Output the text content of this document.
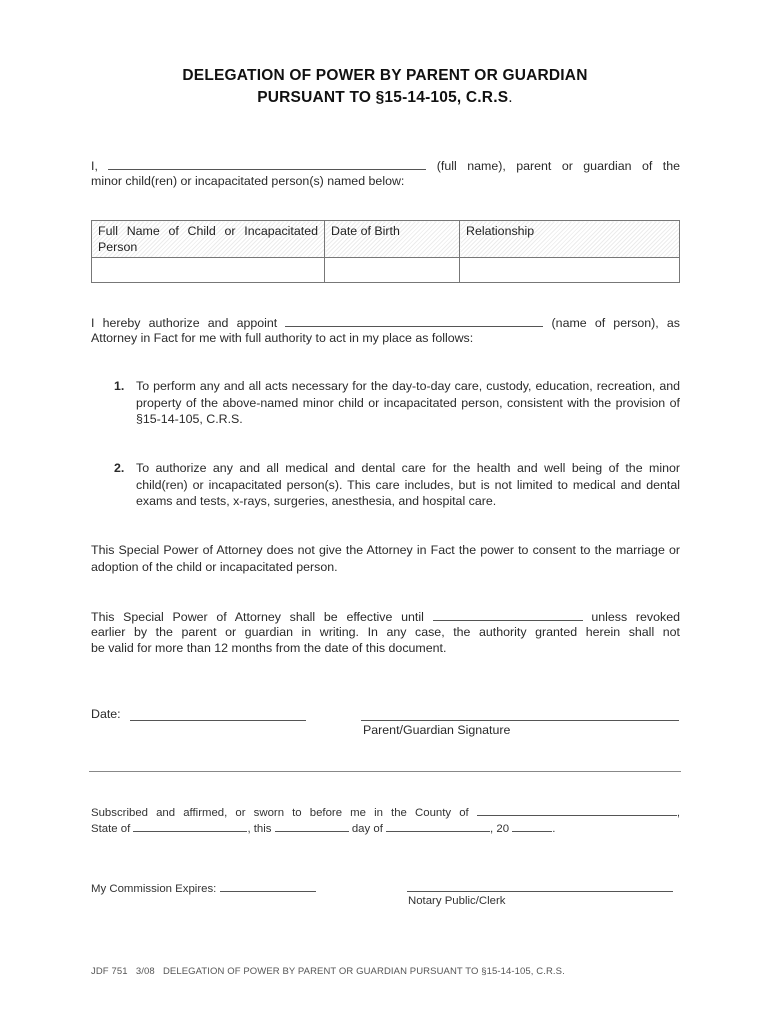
DELEGATION OF POWER BY PARENT OR GUARDIAN
PURSUANT TO §15-14-105, C.R.S.
I,	(full name), parent or guardian of the
minor child(ren) or incapacitated person(s) named below:
Full Name of Child or Incapacitated Person	Date of Birth	Relationship

I hereby authorize and appoint	(name of person), as
Attorney in Fact for me with full authority to act in my place as follows:
1. To perform any and all acts necessary for the day-to-day care, custody, education, recreation, and property of the above-named minor child or incapacitated person, consistent with the provision of §15-14-105, C.R.S.
2. To authorize any and all medical and dental care for the health and well being of the minor child(ren) or incapacitated person(s). This care includes, but is not limited to medical and dental exams and tests, x-rays, surgeries, anesthesia, and hospital care.
This Special Power of Attorney does not give the Attorney in Fact the power to consent to the marriage or adoption of the child or incapacitated person.
This Special Power of Attorney shall be effective until	unless revoked
earlier by the parent or guardian in writing. In any case, the authority granted herein shall not
be valid for more than 12 months from the date of this document.
Date:
Parent/Guardian Signature
Subscribed and affirmed, or sworn to before me in the County of	,
State of	, this	day of	, 20	.
My Commission Expires:
Notary Public/Clerk
JDF 751 3/08 DELEGATION OF POWER BY PARENT OR GUARDIAN PURSUANT TO §15-14-105, C.R.S.
